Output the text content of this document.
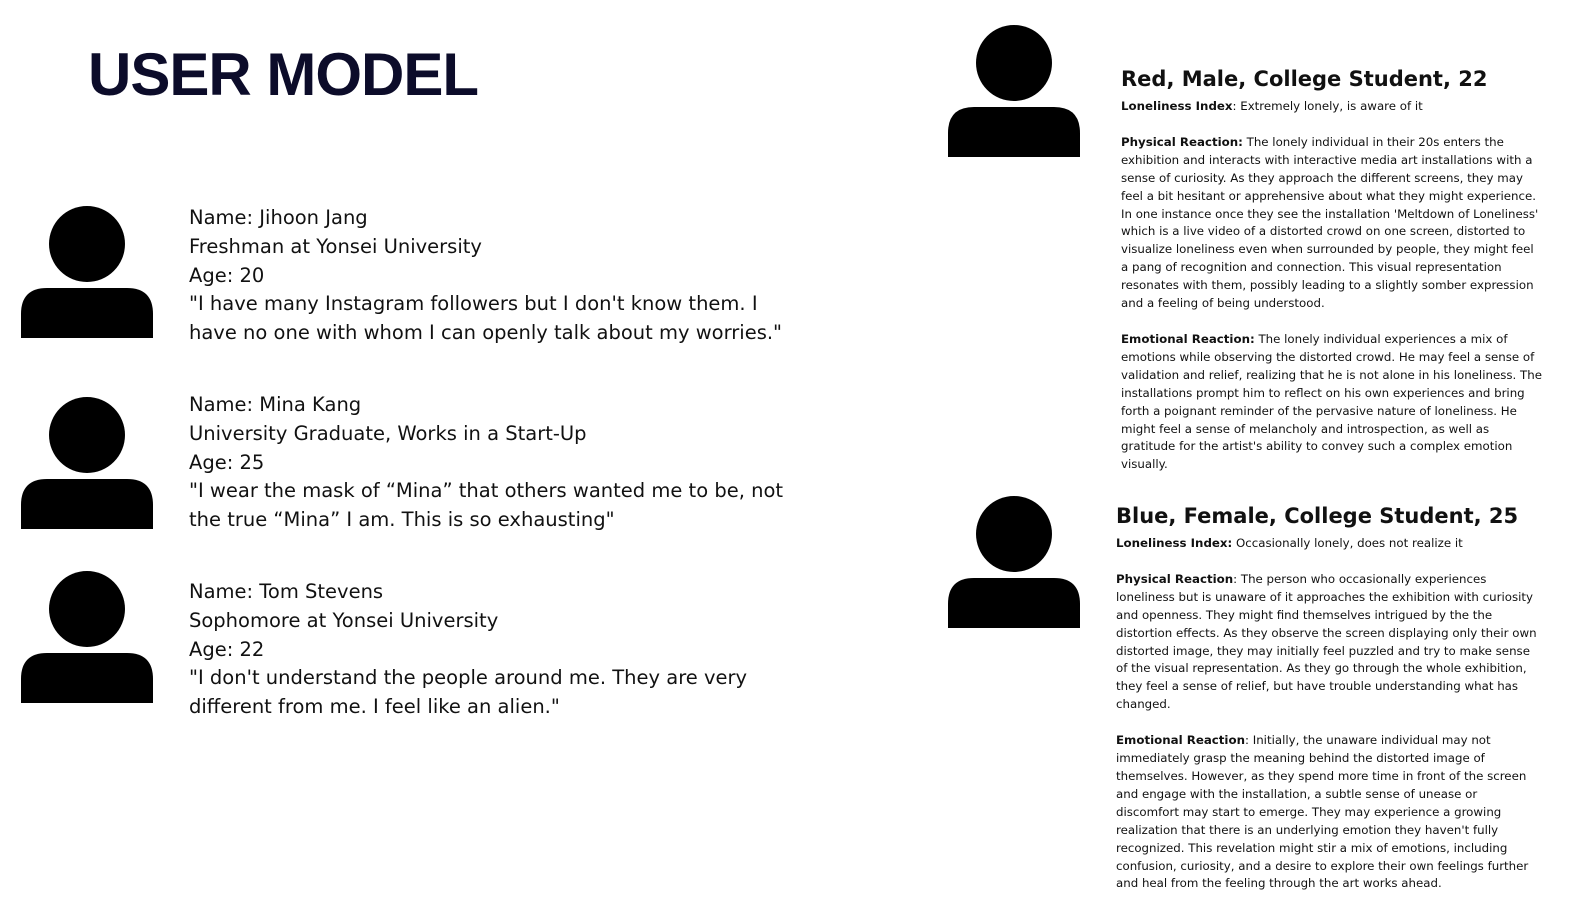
USER MODEL
Name: Jihoon Jang
Freshman at Yonsei University
Age: 20
"I have many Instagram followers but I don't know them. I have no one with whom I can openly talk about my worries."
Name: Mina Kang
University Graduate, Works in a Start-Up
Age: 25
"I wear the mask of “Mina” that others wanted me to be, not the true “Mina” I am. This is so exhausting"
Name: Tom Stevens
Sophomore at Yonsei University
Age: 22
"I don't understand the people around me. They are very different from me. I feel like an alien."
Red, Male, College Student, 22

Loneliness Index: Extremely lonely, is aware of it

Physical Reaction: The lonely individual in their 20s enters the exhibition and interacts with interactive media art installations with a sense of curiosity. As they approach the different screens, they may feel a bit hesitant or apprehensive about what they might experience. In one instance once they see the installation 'Meltdown of Loneliness' which is a live video of a distorted crowd on one screen, distorted to visualize loneliness even when surrounded by people, they might feel a pang of recognition and connection. This visual representation resonates with them, possibly leading to a slightly somber expression and a feeling of being understood.

Emotional Reaction: The lonely individual experiences a mix of emotions while observing the distorted crowd. He may feel a sense of validation and relief, realizing that he is not alone in his loneliness. The installations prompt him to reflect on his own experiences and bring forth a poignant reminder of the pervasive nature of loneliness. He might feel a sense of melancholy and introspection, as well as gratitude for the artist's ability to convey such a complex emotion visually.

Blue, Female, College Student, 25

Loneliness Index: Occasionally lonely, does not realize it

Physical Reaction: The person who occasionally experiences loneliness but is unaware of it approaches the exhibition with curiosity and openness. They might find themselves intrigued by the the distortion effects. As they observe the screen displaying only their own distorted image, they may initially feel puzzled and try to make sense of the visual representation. As they go through the whole exhibition, they feel a sense of relief, but have trouble understanding what has changed.

Emotional Reaction: Initially, the unaware individual may not immediately grasp the meaning behind the distorted image of themselves. However, as they spend more time in front of the screen and engage with the installation, a subtle sense of unease or discomfort may start to emerge. They may experience a growing realization that there is an underlying emotion they haven't fully recognized. This revelation might stir a mix of emotions, including confusion, curiosity, and a desire to explore their own feelings further and heal from the feeling through the art works ahead.
